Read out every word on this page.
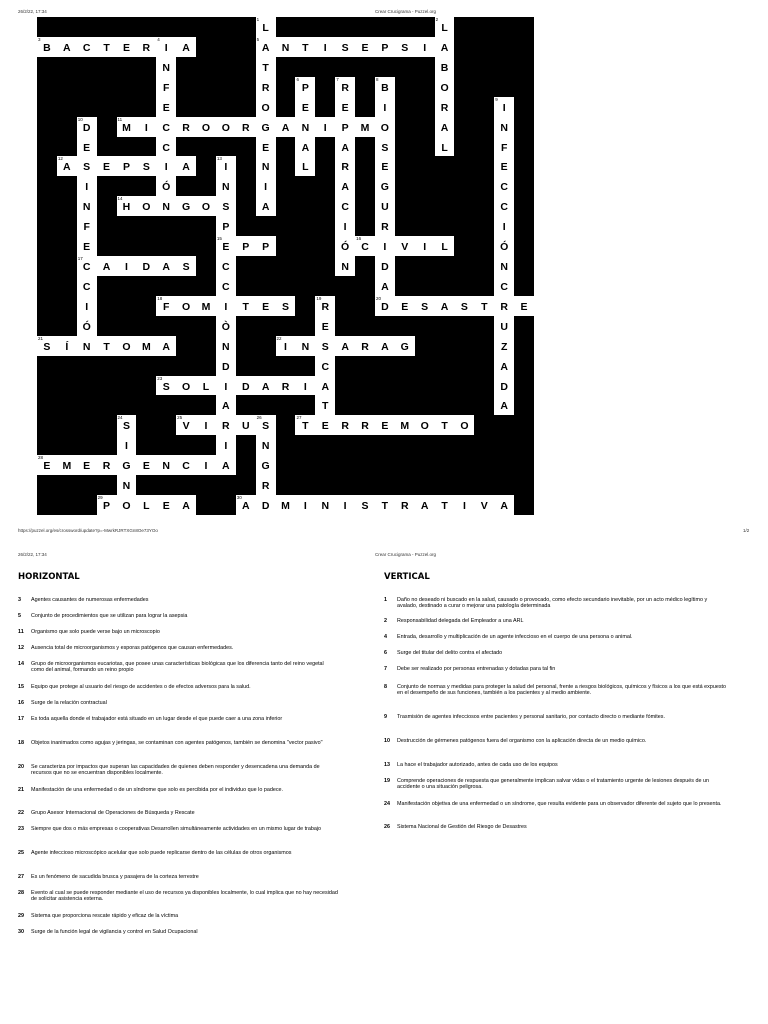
26/2/22, 17:34	Crear Crucigrama - Puzzel.org
3
B	A	C	T	E	R
4
I	A
5
A	N	T	I	S	E	P	S	I	A
11
M	I	C	R	O	O	R	G	A	N	I	P	M	O
12
A	S	E	P	S	I	A
14
H	O	N	G	O	S
15
E	P	P
16
C	I	V	I	L
17
C	A	I	D	A	S
18
F	O	M	I	T	E	S
20
D	E	S	A	S	T	R	E
21
S	Í	N	T	O	M	A
22
I	N	S	A	R	A	G
23
S	O	L	I	D	A	R	I	A
25
V	I	R	U
26
S
27
T	E	R	R	E	M	O	T	O
28
E	M	E	R	G	E	N	C	I	A
29
P	O	L	E	A
30
A	D	M	I	N	I	S	T	R	A	T	I	V	A
1
L
T
R
O
E
N
I
A
2
L
B
O
R
A
L
N
F
E
C
Ó
6
P
E
A
L
7
R
E
A
R
A
C
I
Ó
N
8
B
I
S
E
G
U
R
D
A
9
I
N
F
E
C
C
I
Ó
N
C
U
Z
A
D
A
10
D
E
I
N
F
E
C
I
Ó
13
I
N
P
C
C
Ò
N
D
A
I
19
R
E
C
T
24
S
I
N
N
G
R
https://puzzel.org/es/crossword/update?p=-MwrkRJRTXGn8Oe73YOo	1/2
26/2/22, 17:34	Crear Crucigrama - Puzzel.org
HORIZONTAL	VERTICAL
3	Agentes causantes de numerosas enfermedades
5	Conjunto de procedimientos que se utilizan para lograr la asepsia
11	Organismo que solo puede verse bajo un microscopio
12	Ausencia total de microorganismos y esporas patógenos que causan enfermedades.
14	Grupo de microorganismos eucariotas, que posee unas características biológicas que los diferencia tanto del reino vegetal como del animal, formando un reino propio
15	Equipo que protege al usuario del riesgo de accidentes o de efectos adversos para la salud.
16	Surge de la relación contractual
17	Es toda aquella donde el trabajador está situado en un lugar desde el que puede caer a una zona inferior
18	Objetos inanimados como agujas y jeringas, se contaminan con agentes patógenos, también se denomina "vector pasivo"
20	Se caracteriza por impactos que superan las capacidades de quienes deben responder y desencadena una demanda de recursos que no se encuentran disponibles localmente.
21	Manifestación de una enfermedad o de un síndrome que solo es percibida por el individuo que lo padece.
22	Grupo Asesor Internacional de Operaciones de Búsqueda y Rescate
23	Siempre que dos o más empresas o cooperativas Desarrollen simultáneamente actividades en un mismo lugar de trabajo
25	Agente infeccioso microscópico acelular que solo puede replicarse dentro de las células de otros organismos
27	Es un fenómeno de sacudida brusca y pasajera de la corteza terrestre
28	Evento al cual se puede responder mediante el uso de recursos ya disponibles localmente, lo cual implica que no hay necesidad de solicitar asistencia externa.
29	Sistema que proporciona rescate rápido y eficaz de la víctima
30	Surge de la función legal de vigilancia y control en Salud Ocupacional
1	Daño no deseado ni buscado en la salud, causado o provocado, como efecto secundario inevitable, por un acto médico legítimo y avalado, destinado a curar o mejorar una patología determinada
2	Responsabilidad delegada del Empleador a una ARL
4	Entrada, desarrollo y multiplicación de un agente infeccioso en el cuerpo de una persona o animal.
6	Surge del titular del delito contra el afectado
7	Debe ser realizado por personas entrenadas y dotadas para tal fin
8	Conjunto de normas y medidas para proteger la salud del personal, frente a riesgos biológicos, químicos y físicos a los que está expuesto en el desempeño de sus funciones, también a los pacientes y al medio ambiente.
9	Trasmisión de agentes infecciosos entre pacientes y personal sanitario, por contacto directo o mediante fómites.
10	Destrucción de gérmenes patógenos fuera del organismo con la aplicación directa de un medio químico.
13	La hace el trabajador autorizado, antes de cada uso de los equipos
19	Comprende operaciones de respuesta que generalmente implican salvar vidas o el tratamiento urgente de lesiones después de un accidente o una situación peligrosa.
24	Manifestación objetiva de una enfermedad o un síndrome, que resulta evidente para un observador diferente del sujeto que lo presenta.
26	Sistema Nacional de Gestión del Riesgo de Desastres
